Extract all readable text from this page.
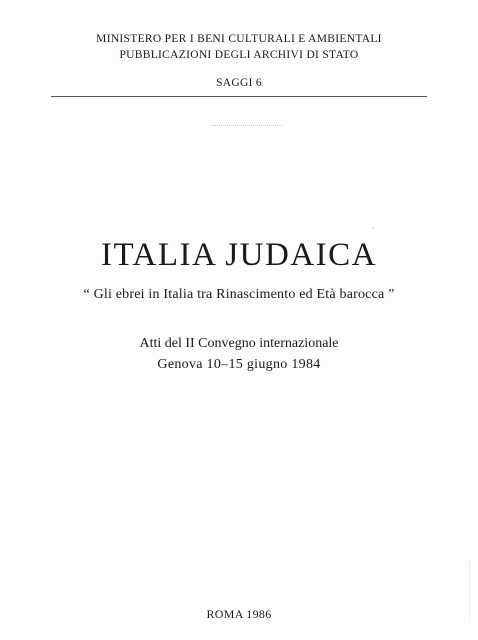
MINISTERO PER I BENI CULTURALI E AMBIENTALI
PUBBLICAZIONI DEGLI ARCHIVI DI STATO
SAGGI 6
ITALIA JUDAICA
“ Gli ebrei in Italia tra Rinascimento ed Età barocca ”
Atti del II Convegno internazionale
Genova 10–15 giugno 1984
ROMA 1986
